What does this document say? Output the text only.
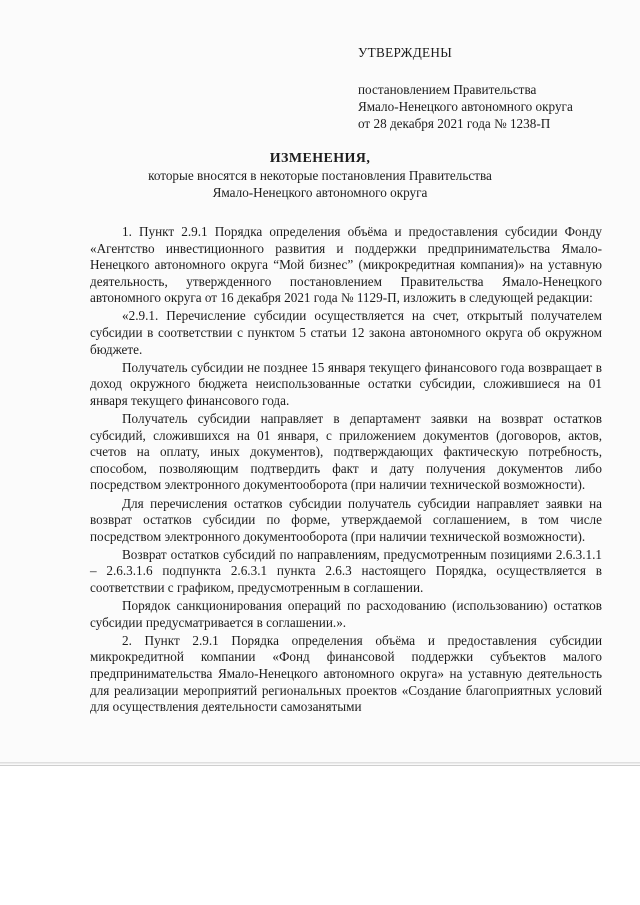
УТВЕРЖДЕНЫ
постановлением Правительства
Ямало-Ненецкого автономного округа
от 28 декабря 2021 года № 1238-П
ИЗМЕНЕНИЯ,
которые вносятся в некоторые постановления Правительства
Ямало-Ненецкого автономного округа

1. Пункт 2.9.1 Порядка определения объёма и предоставления субсидии Фонду «Агентство инвестиционного развития и поддержки предпринимательства Ямало-Ненецкого автономного округа “Мой бизнес” (микрокредитная компания)» на уставную деятельность, утвержденного постановлением Правительства Ямало-Ненецкого автономного округа от 16 декабря 2021 года № 1129-П, изложить в следующей редакции:

«2.9.1. Перечисление субсидии осуществляется на счет, открытый получателем субсидии в соответствии с пунктом 5 статьи 12 закона автономного округа об окружном бюджете.

Получатель субсидии не позднее 15 января текущего финансового года возвращает в доход окружного бюджета неиспользованные остатки субсидии, сложившиеся на 01 января текущего финансового года.

Получатель субсидии направляет в департамент заявки на возврат остатков субсидий, сложившихся на 01 января, с приложением документов (договоров, актов, счетов на оплату, иных документов), подтверждающих фактическую потребность, способом, позволяющим подтвердить факт и дату получения документов либо посредством электронного документооборота (при наличии технической возможности).

Для перечисления остатков субсидии получатель субсидии направляет заявки на возврат остатков субсидии по форме, утверждаемой соглашением, в том числе посредством электронного документооборота (при наличии технической возможности).

Возврат остатков субсидий по направлениям, предусмотренным позициями 2.6.3.1.1 – 2.6.3.1.6 подпункта 2.6.3.1 пункта 2.6.3 настоящего Порядка, осуществляется в соответствии с графиком, предусмотренным в соглашении.

Порядок санкционирования операций по расходованию (использованию) остатков субсидии предусматривается в соглашении.».

2. Пункт 2.9.1 Порядка определения объёма и предоставления субсидии микрокредитной компании «Фонд финансовой поддержки субъектов малого предпринимательства Ямало-Ненецкого автономного округа» на уставную деятельность для реализации мероприятий региональных проектов «Создание благоприятных условий для осуществления деятельности самозанятыми
